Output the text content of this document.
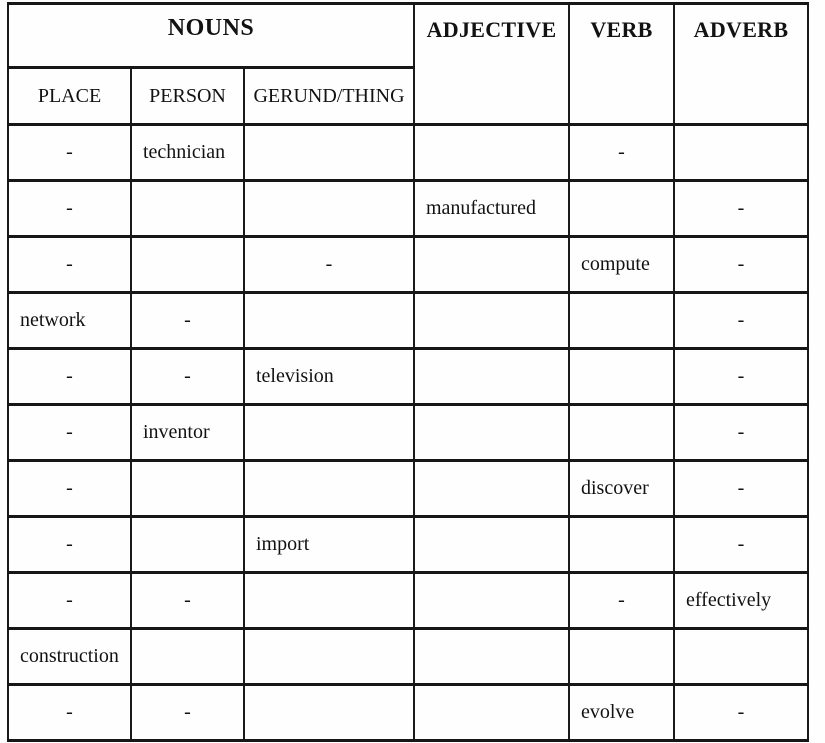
NOUNS			ADJECTIVE	VERB	ADVERB
PLACE	PERSON	GERUND/THING			
-	technician			-	
-			manufactured		-
-		-		compute	-
network	-				-
-	-	television			-
-	inventor				-
-				discover	-
-		import			-
-	-			-	effectively
construction					
-	-			evolve	-
